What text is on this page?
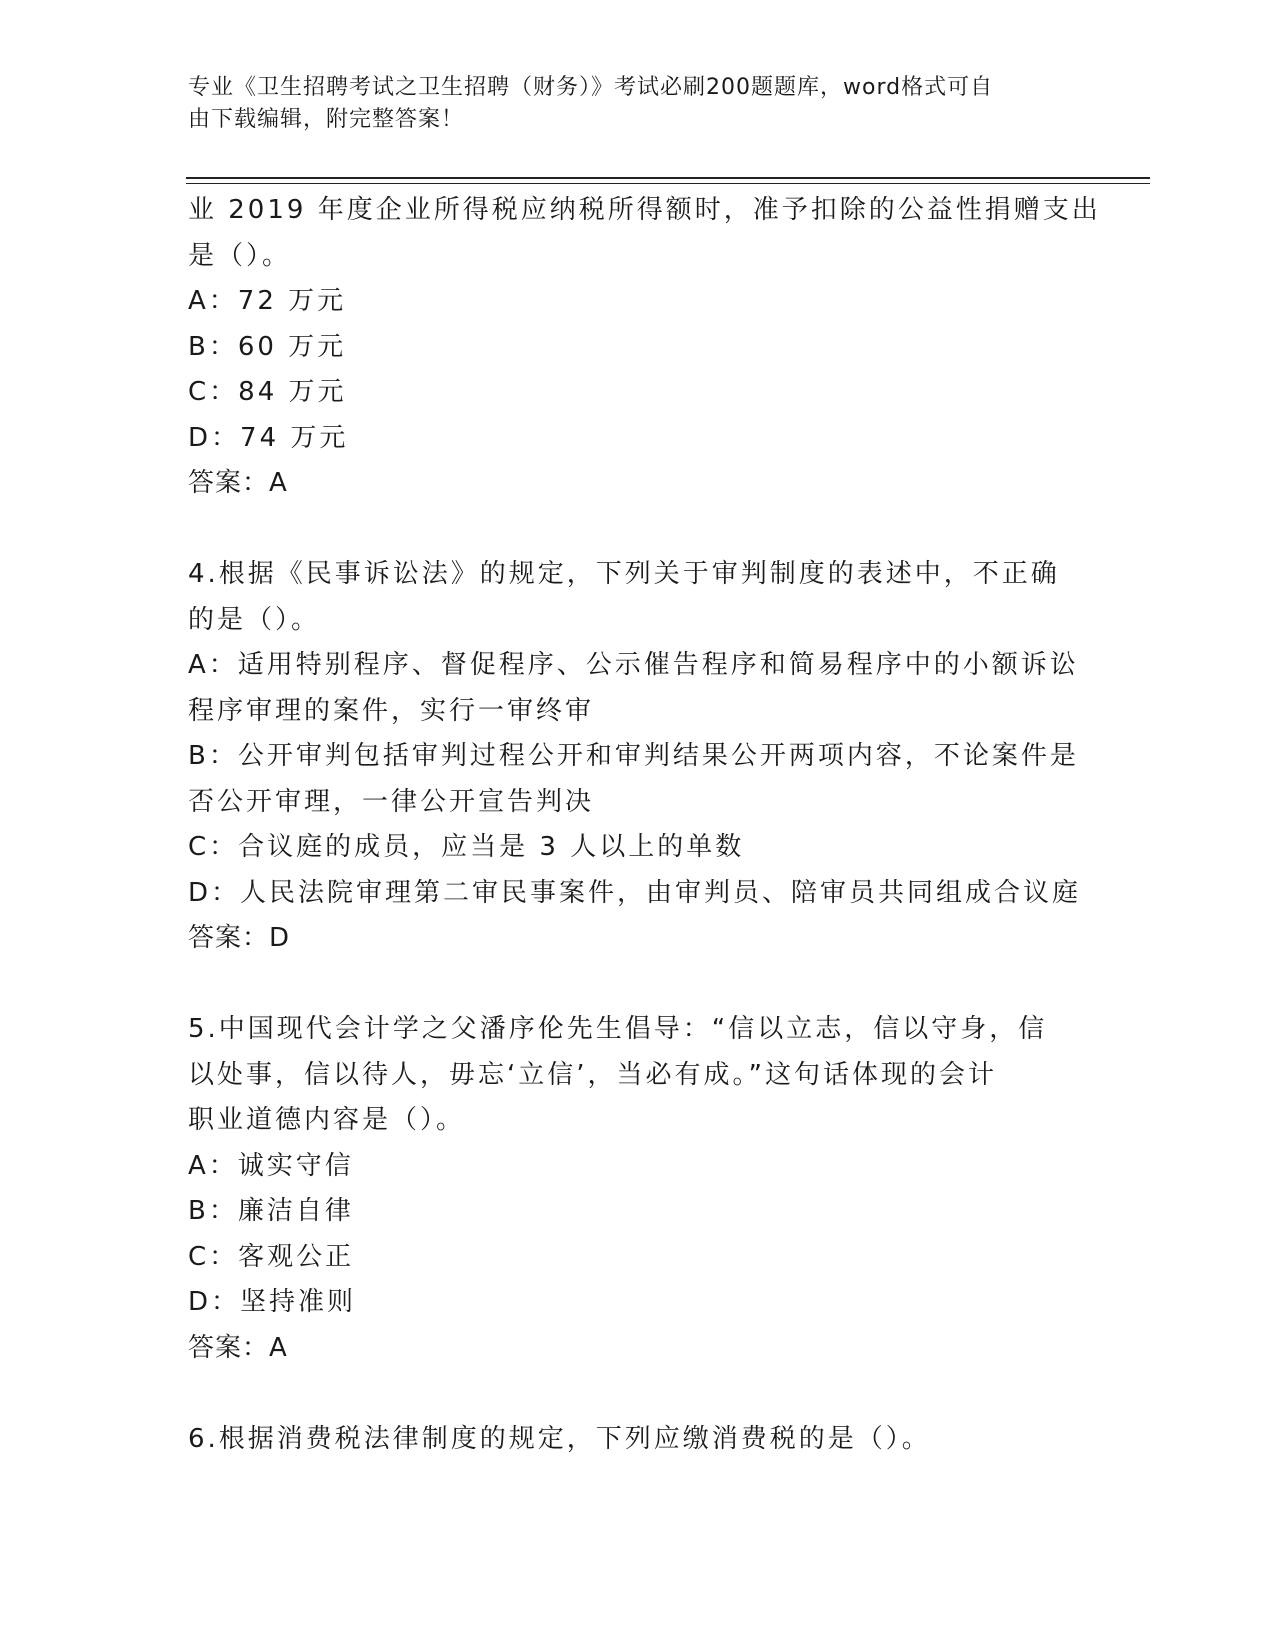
专业《卫生招聘考试之卫生招聘（财务）》考试必刷200题题库，word格式可自
由下载编辑，附完整答案！
业 2019 年度企业所得税应纳税所得额时，准予扣除的公益性捐赠支出
是（）。
A：72 万元
B：60 万元
C：84 万元
D：74 万元
答案：A
4.根据《民事诉讼法》的规定，下列关于审判制度的表述中，不正确
的是（）。
A：适用特别程序、督促程序、公示催告程序和简易程序中的小额诉讼
程序审理的案件，实行一审终审
B：公开审判包括审判过程公开和审判结果公开两项内容，不论案件是
否公开审理，一律公开宣告判决
C：合议庭的成员，应当是 3 人以上的单数
D：人民法院审理第二审民事案件，由审判员、陪审员共同组成合议庭
答案：D
5.中国现代会计学之父潘序伦先生倡导：“信以立志，信以守身，信
以处事，信以待人，毋忘‘立信’，当必有成。”这句话体现的会计
职业道德内容是（）。
A：诚实守信
B：廉洁自律
C：客观公正
D：坚持准则
答案：A
6.根据消费税法律制度的规定，下列应缴消费税的是（）。
